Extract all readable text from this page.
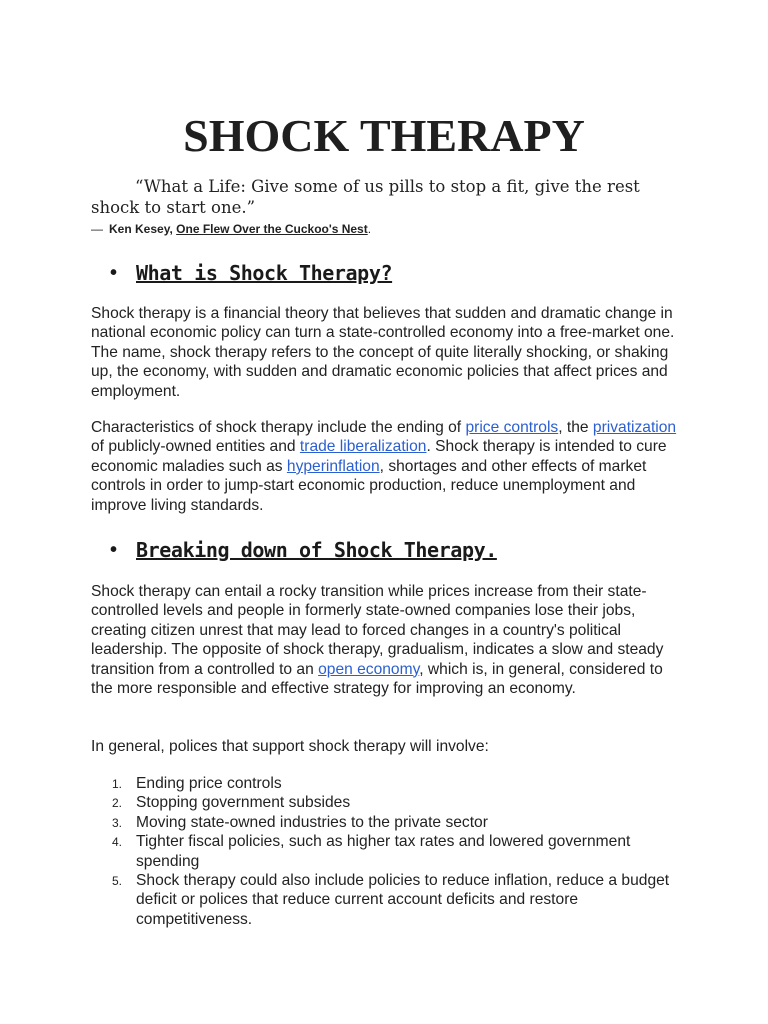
SHOCK THERAPY

“What a Life: Give some of us pills to stop a fit, give the rest shock to start one.”

— Ken Kesey, One Flew Over the Cuckoo's Nest.

• What is Shock Therapy?

Shock therapy is a financial theory that believes that sudden and dramatic change in national economic policy can turn a state-controlled economy into a free-market one. The name, shock therapy refers to the concept of quite literally shocking, or shaking up, the economy, with sudden and dramatic economic policies that affect prices and employment.

Characteristics of shock therapy include the ending of price controls, the privatization of publicly-owned entities and trade liberalization. Shock therapy is intended to cure economic maladies such as hyperinflation, shortages and other effects of market controls in order to jump-start economic production, reduce unemployment and improve living standards.

• Breaking down of Shock Therapy.

Shock therapy can entail a rocky transition while prices increase from their state-controlled levels and people in formerly state-owned companies lose their jobs, creating citizen unrest that may lead to forced changes in a country's political leadership. The opposite of shock therapy, gradualism, indicates a slow and steady transition from a controlled to an open economy, which is, in general, considered to the more responsible and effective strategy for improving an economy.

In general, polices that support shock therapy will involve:

1. Ending price controls
2. Stopping government subsides
3. Moving state-owned industries to the private sector
4. Tighter fiscal policies, such as higher tax rates and lowered government spending
5. Shock therapy could also include policies to reduce inflation, reduce a budget deficit or polices that reduce current account deficits and restore competitiveness.
